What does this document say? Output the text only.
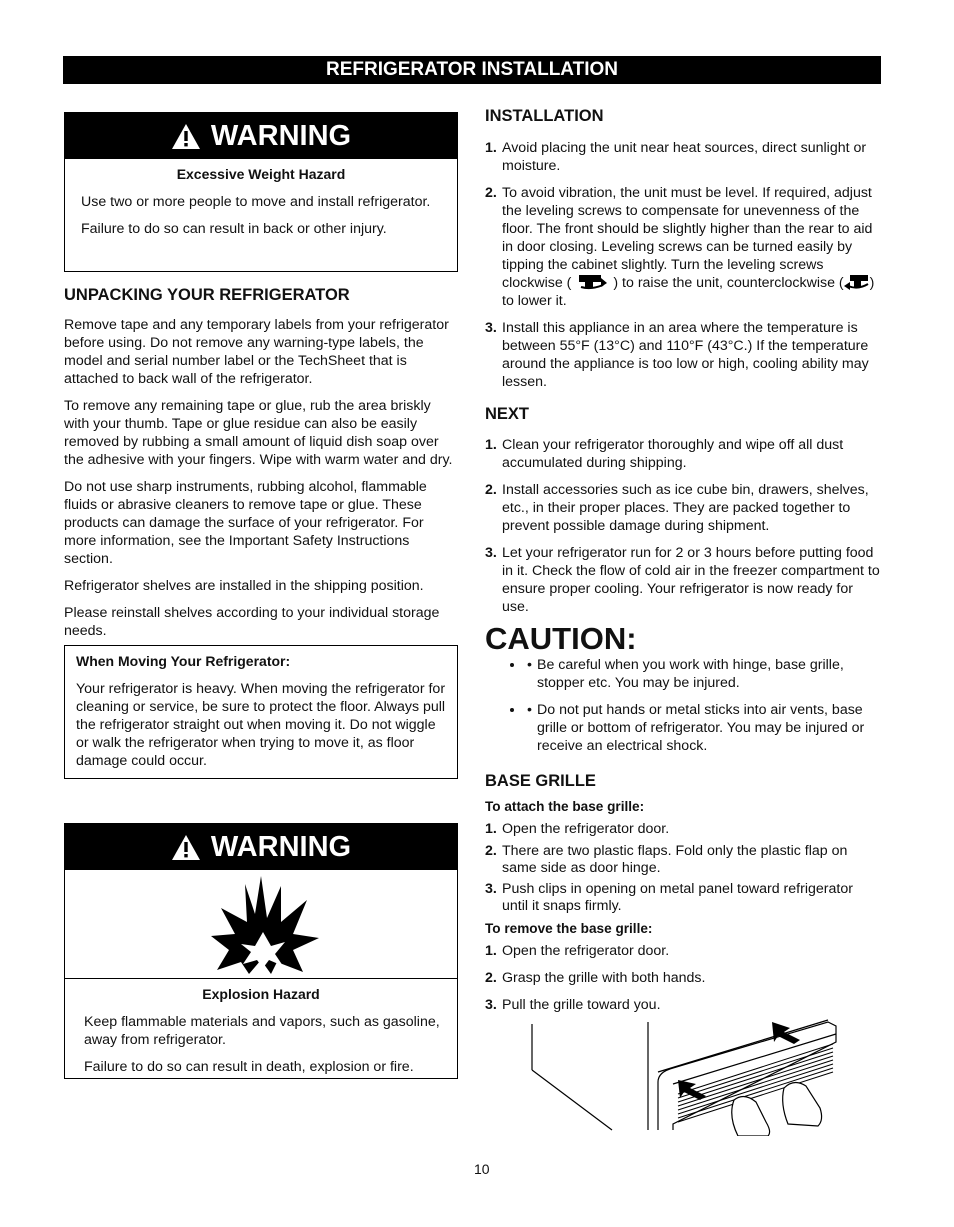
REFRIGERATOR INSTALLATION
WARNING
Excessive Weight Hazard

Use two or more people to move and install refrigerator.

Failure to do so can result in back or other injury.

UNPACKING YOUR REFRIGERATOR

Remove tape and any temporary labels from your refrigerator before using. Do not remove any warning-type labels, the model and serial number label or the TechSheet that is attached to back wall of the refrigerator.

To remove any remaining tape or glue, rub the area briskly with your thumb. Tape or glue residue can also be easily removed by rubbing a small amount of liquid dish soap over the adhesive with your fingers. Wipe with warm water and dry.

Do not use sharp instruments, rubbing alcohol, flammable fluids or abrasive cleaners to remove tape or glue. These products can damage the surface of your refrigerator. For more information, see the Important Safety Instructions section.

Refrigerator shelves are installed in the shipping position.

Please reinstall shelves according to your individual storage needs.

When Moving Your Refrigerator:

Your refrigerator is heavy. When moving the refrigerator for cleaning or service, be sure to protect the floor. Always pull the refrigerator straight out when moving it. Do not wiggle or walk the refrigerator when trying to move it, as floor damage could occur.

WARNING
Explosion Hazard

Keep flammable materials and vapors, such as gasoline, away from refrigerator.

Failure to do so can result in death, explosion or fire.

INSTALLATION
1. Avoid placing the unit near heat sources, direct sunlight or moisture.
2. To avoid vibration, the unit must be level. If required, adjust the leveling screws to compensate for unevenness of the floor. The front should be slightly higher than the rear to aid in door closing. Leveling screws can be turned easily by tipping the cabinet slightly. Turn the leveling screws clockwise (	) to raise the unit, counterclockwise ( ) to lower it.
3. Install this appliance in an area where the temperature is between 55°F (13°C) and 110°F (43°C.) If the temperature around the appliance is too low or high, cooling ability may lessen.
NEXT
1. Clean your refrigerator thoroughly and wipe off all dust accumulated during shipping.
2. Install accessories such as ice cube bin, drawers, shelves, etc., in their proper places. They are packed together to prevent possible damage during shipment.
3. Let your refrigerator run for 2 or 3 hours before putting food in it. Check the flow of cold air in the freezer compartment to ensure proper cooling. Your refrigerator is now ready for use.
CAUTION:
• • Be careful when you work with hinge, base grille, stopper etc. You may be injured.
• • Do not put hands or metal sticks into air vents, base grille or bottom of refrigerator. You may be injured or receive an electrical shock.
BASE GRILLE
To attach the base grille:
1. Open the refrigerator door.
2. There are two plastic flaps. Fold only the plastic flap on same side as door hinge.
3. Push clips in opening on metal panel toward refrigerator until it snaps firmly.
To remove the base grille:
1. Open the refrigerator door.
2. Grasp the grille with both hands.
3. Pull the grille toward you.
10
